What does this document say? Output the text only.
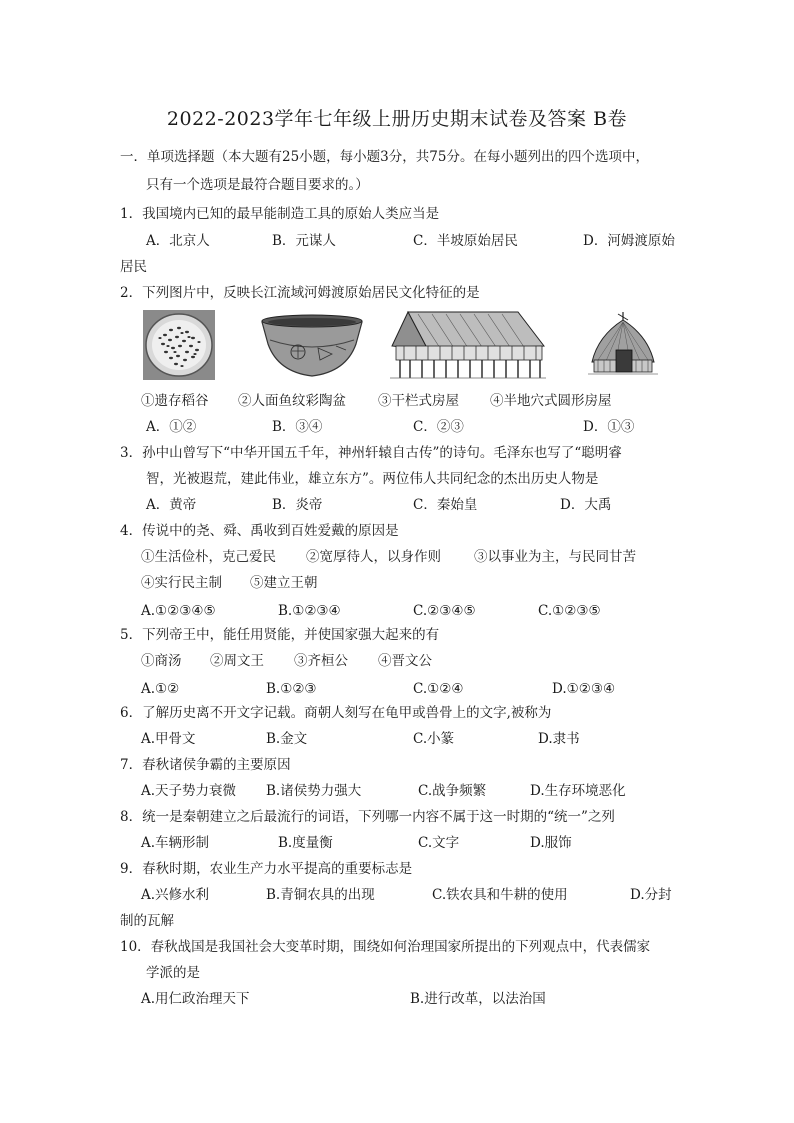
2022-2023学年七年级上册历史期末试卷及答案 B卷
一．单项选择题（本大题有25小题，每小题3分，共75分。在每小题列出的四个选项中，
只有一个选项是最符合题目要求的。）
1．我国境内已知的最早能制造工具的原始人类应当是
A．北京人	B．元谋人	C．半坡原始居民	D．河姆渡原始
居民
2．下列图片中，反映长江流域河姆渡原始居民文化特征的是
①遗存稻谷 ②人面鱼纹彩陶盆 ③干栏式房屋 ④半地穴式圆形房屋
A．①②	B．③④	C．②③	D．①③
3．孙中山曾写下“中华开国五千年，神州轩辕自古传”的诗句。毛泽东也写了“聪明睿
智，光被遐荒，建此伟业，雄立东方”。两位伟人共同纪念的杰出历史人物是
A．黄帝	B．炎帝	C．秦始皇	D．大禹
4．传说中的尧、舜、禹收到百姓爱戴的原因是
①生活俭朴，克己爱民 ②宽厚待人，以身作则 ③以事业为主，与民同甘苦
④实行民主制 ⑤建立王朝
A.①②③④⑤	B.①②③④	C.②③④⑤	C.①②③⑤
5．下列帝王中，能任用贤能，并使国家强大起来的有
①商汤 ②周文王 ③齐桓公 ④晋文公
A.①②	B.①②③	C.①②④	D.①②③④
6．了解历史离不开文字记载。商朝人刻写在龟甲或兽骨上的文字,被称为
A.甲骨文	B.金文	C.小篆	D.隶书
7．春秋诸侯争霸的主要原因
A.天子势力衰微 B.诸侯势力强大	C.战争频繁	D.生存环境恶化
8．统一是秦朝建立之后最流行的词语，下列哪一内容不属于这一时期的“统一”之列
A.车辆形制	B.度量衡	C.文字	D.服饰
9．春秋时期，农业生产力水平提高的重要标志是
A.兴修水利	B.青铜农具的出现	C.铁农具和牛耕的使用	D.分封
制的瓦解
10．春秋战国是我国社会大变革时期，围绕如何治理国家所提出的下列观点中，代表儒家
学派的是
A.用仁政治理天下	B.进行改革，以法治国
